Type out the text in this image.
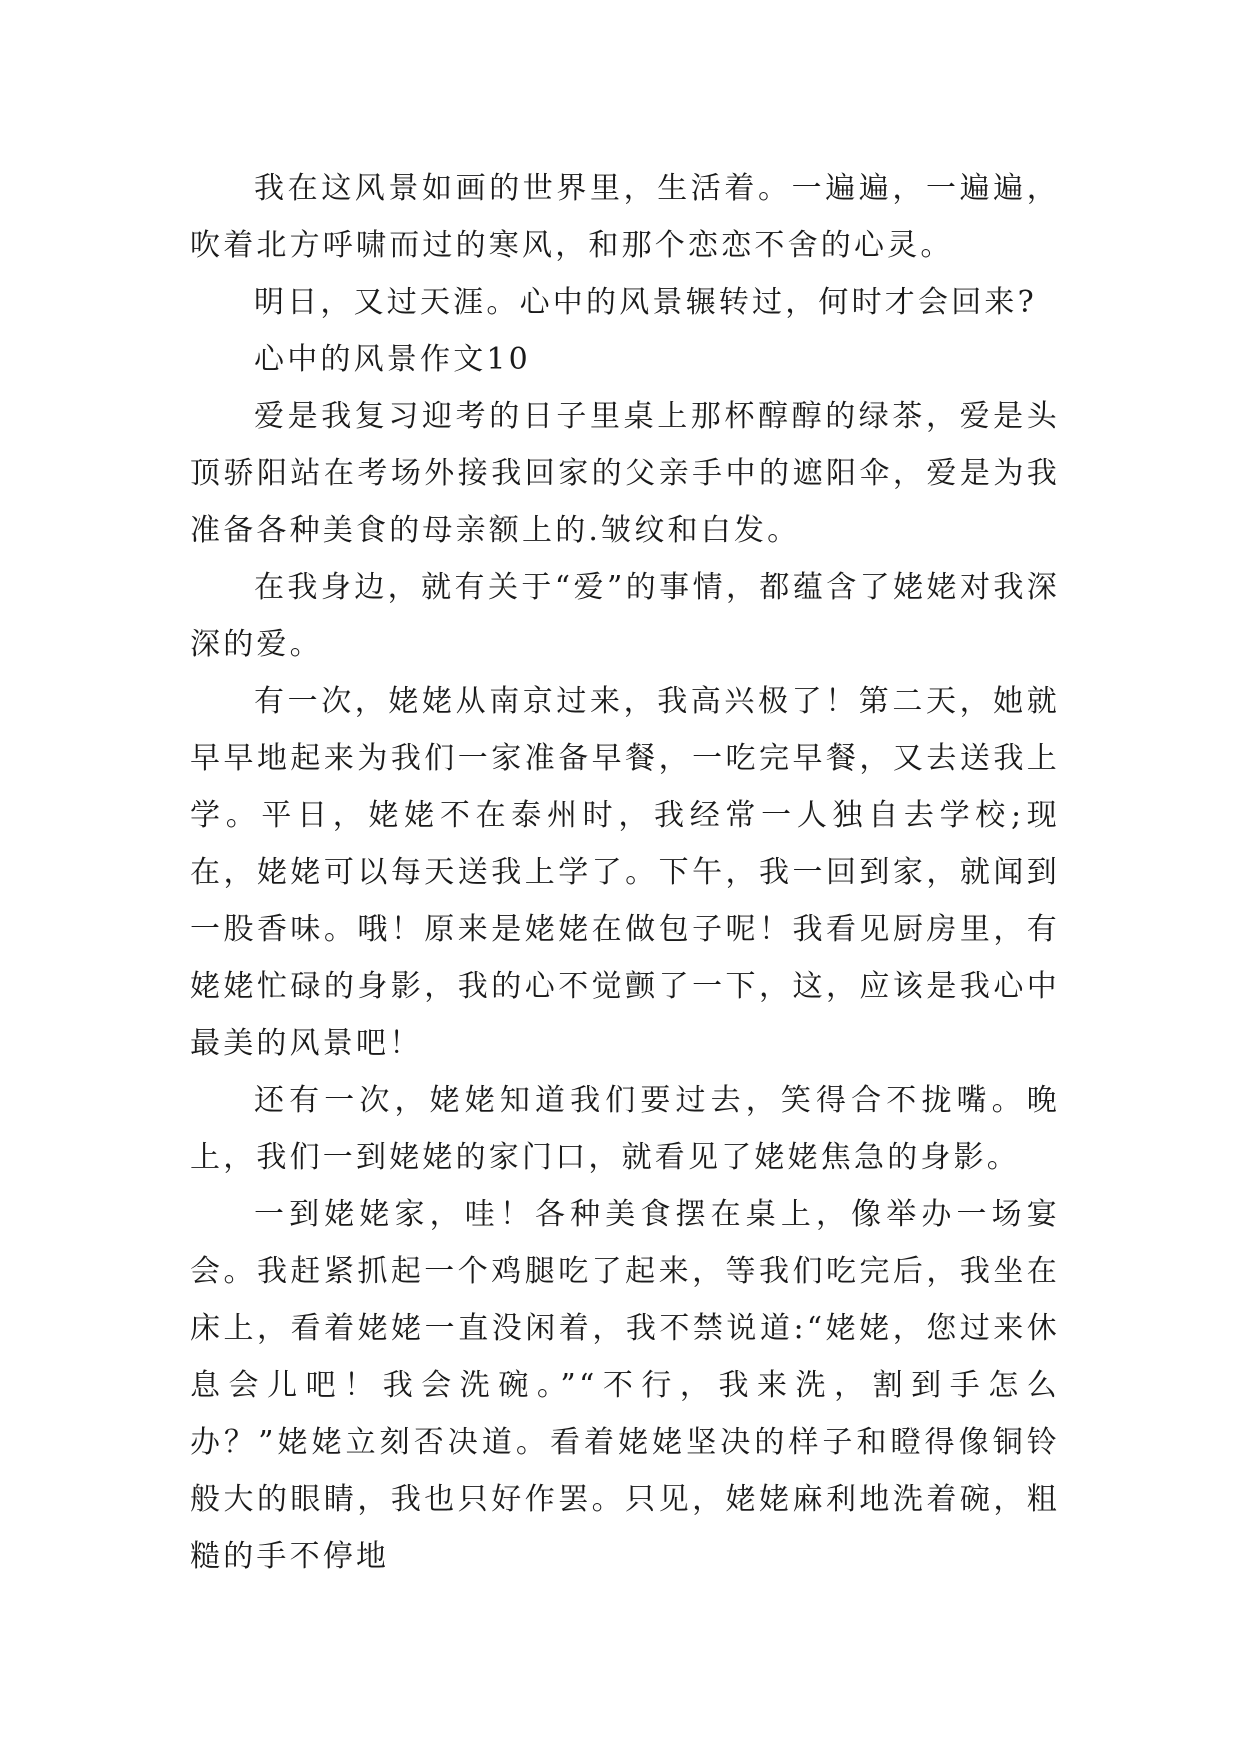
我在这风景如画的世界里，生活着。一遍遍，一遍遍，吹着北方呼啸而过的寒风，和那个恋恋不舍的心灵。

明日，又过天涯。心中的风景辗转过，何时才会回来?

心中的风景作文10

爱是我复习迎考的日子里桌上那杯醇醇的绿茶，爱是头顶骄阳站在考场外接我回家的父亲手中的遮阳伞，爱是为我准备各种美食的母亲额上的.皱纹和白发。

在我身边，就有关于“爱”的事情，都蕴含了姥姥对我深深的爱。

有一次，姥姥从南京过来，我高兴极了！第二天，她就早早地起来为我们一家准备早餐，一吃完早餐，又去送我上学。平日，姥姥不在泰州时，我经常一人独自去学校;现在，姥姥可以每天送我上学了。下午，我一回到家，就闻到一股香味。哦！原来是姥姥在做包子呢！我看见厨房里，有姥姥忙碌的身影，我的心不觉颤了一下，这，应该是我心中最美的风景吧！

还有一次，姥姥知道我们要过去，笑得合不拢嘴。晚上，我们一到姥姥的家门口，就看见了姥姥焦急的身影。

一到姥姥家，哇！各种美食摆在桌上，像举办一场宴会。我赶紧抓起一个鸡腿吃了起来，等我们吃完后，我坐在床上，看着姥姥一直没闲着，我不禁说道:“姥姥，您过来休息会儿吧！我会洗碗。”“不行，我来洗，割到手怎么办？”姥姥立刻否决道。看着姥姥坚决的样子和瞪得像铜铃般大的眼睛，我也只好作罢。只见，姥姥麻利地洗着碗，粗糙的手不停地
